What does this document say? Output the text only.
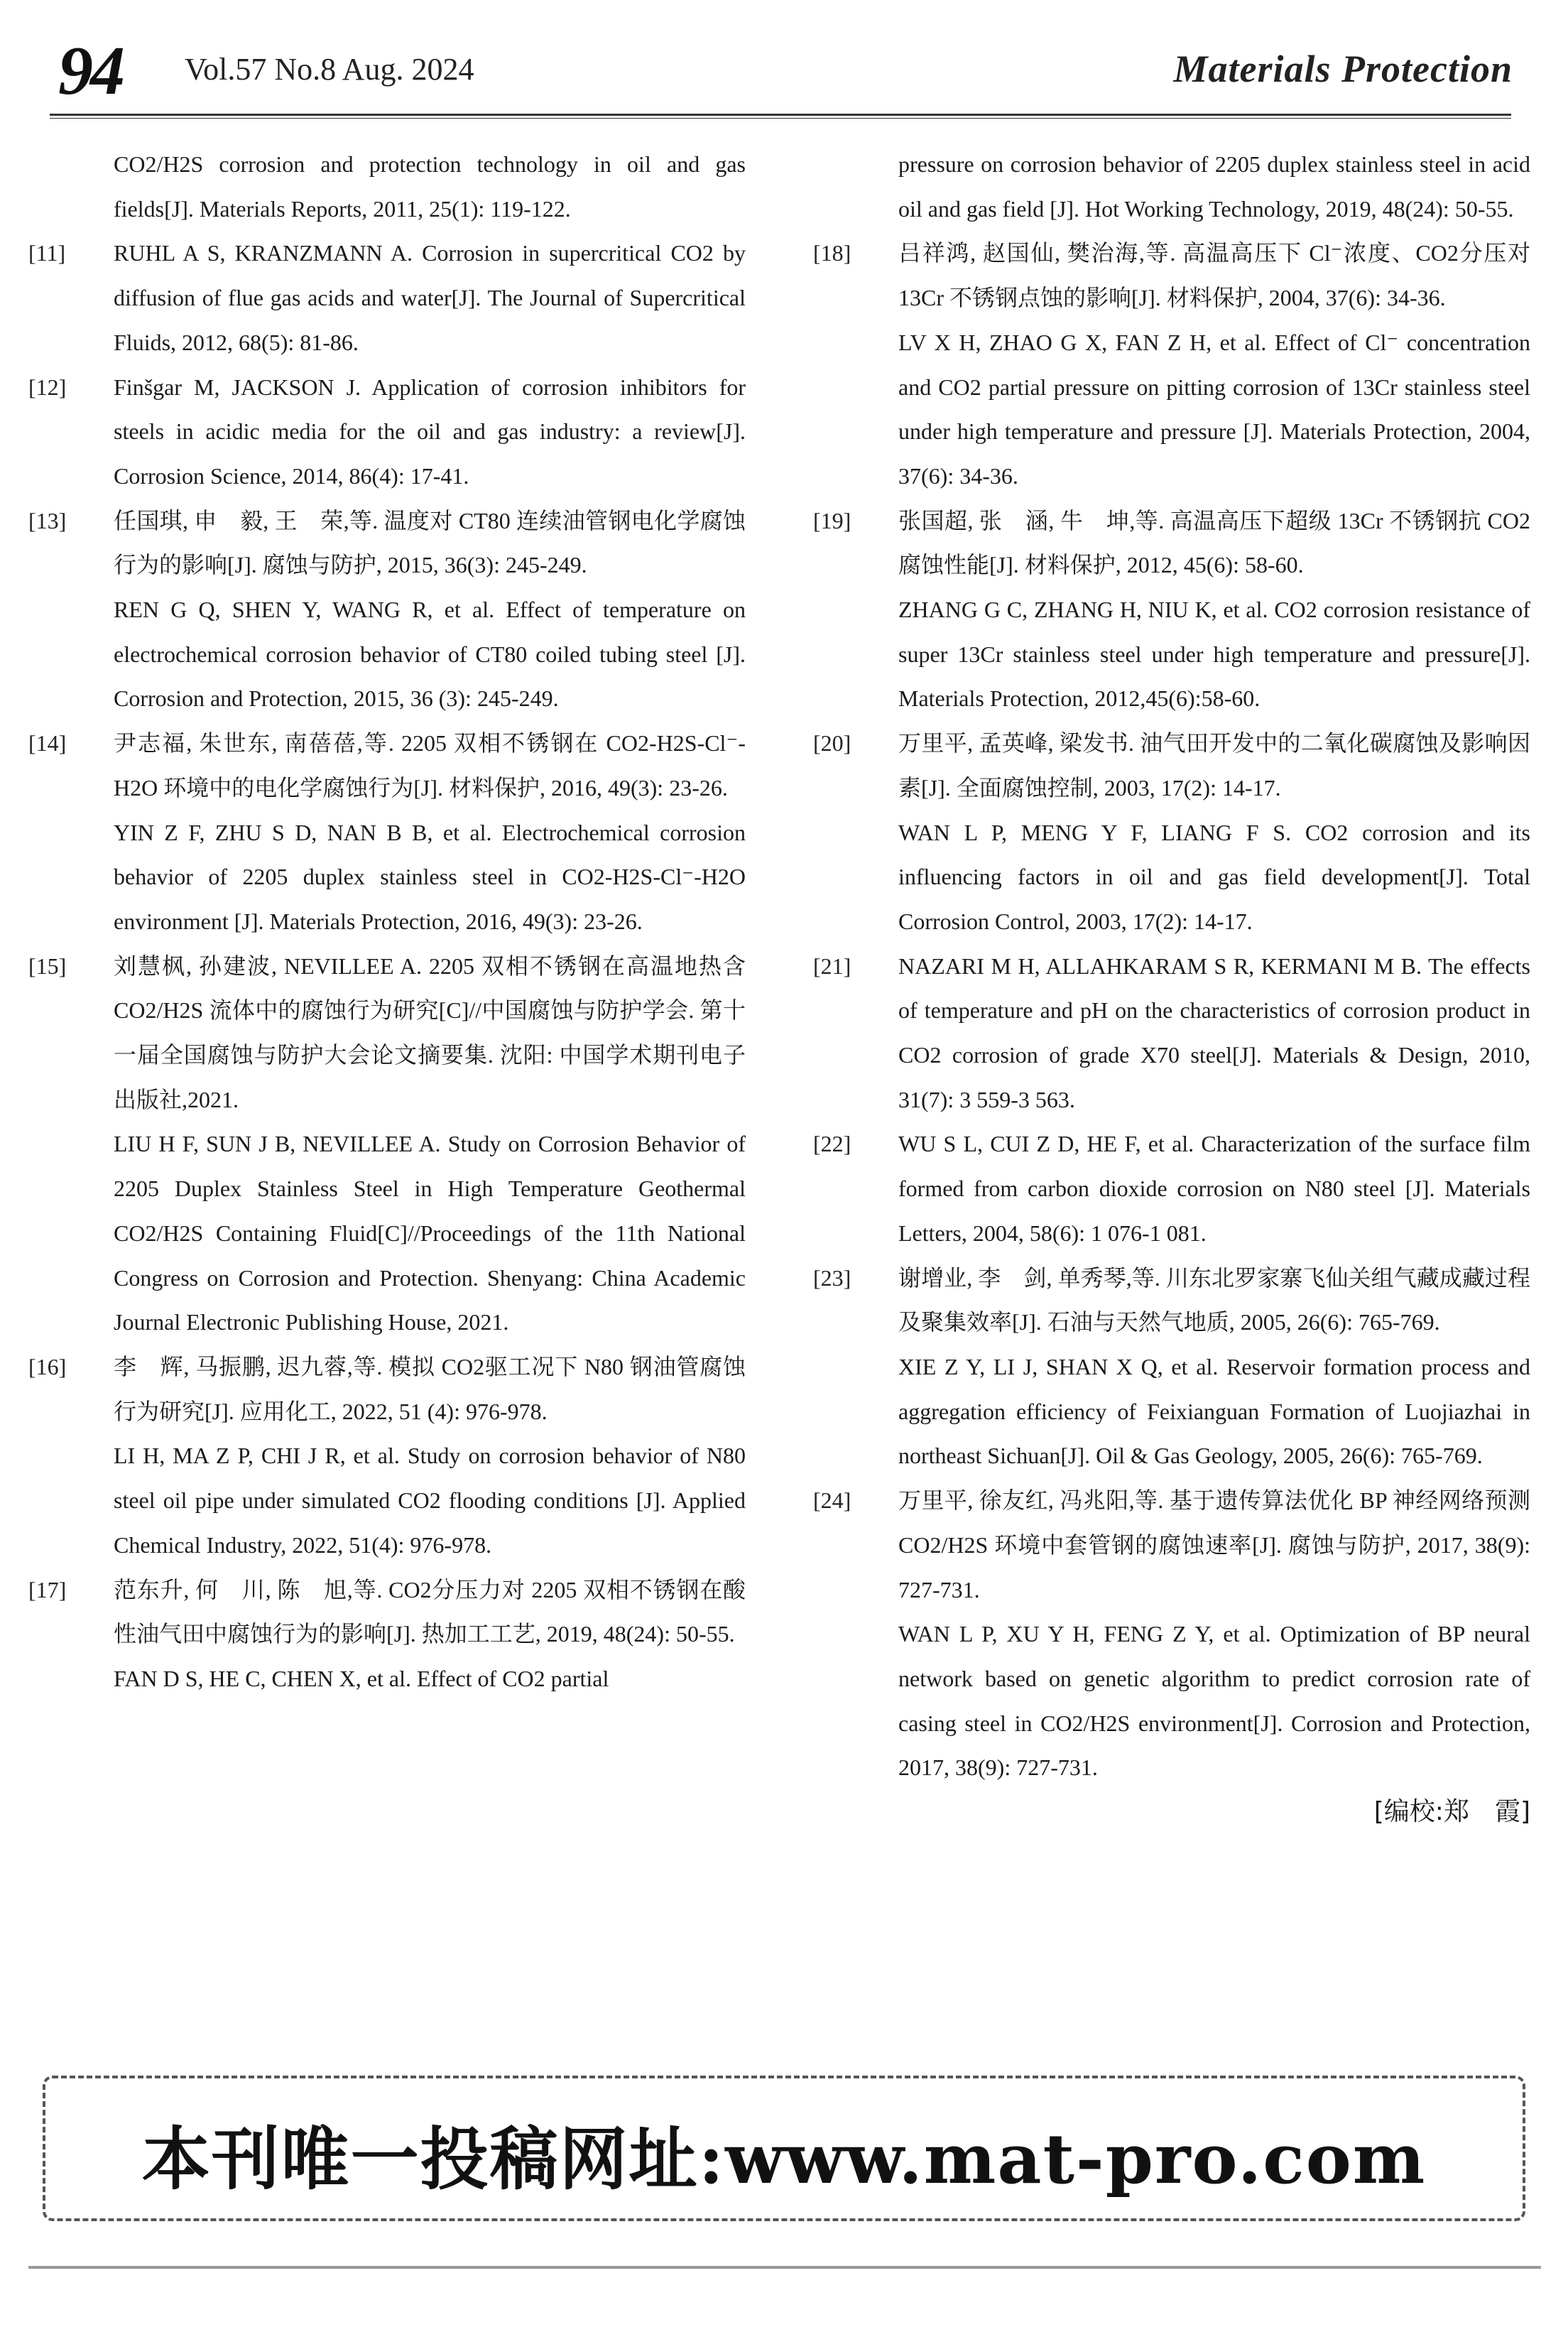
94 Vol.57 No.8 Aug. 2024	Materials Protection

CO2/H2S corrosion and protection technology in oil and gas fields[J]. Materials Reports, 2011, 25(1): 119-122.

[11]	RUHL A S, KRANZMANN A. Corrosion in supercritical CO2 by diffusion of flue gas acids and water[J]. The Journal of Supercritical Fluids, 2012, 68(5): 81-86.

[12]	Finšgar M, JACKSON J. Application of corrosion inhibitors for steels in acidic media for the oil and gas industry: a review[J]. Corrosion Science, 2014, 86(4): 17-41.

[13]	任国琪, 申　毅, 王　荣,等. 温度对 CT80 连续油管钢电化学腐蚀行为的影响[J]. 腐蚀与防护, 2015, 36(3): 245-249.

REN G Q, SHEN Y, WANG R, et al. Effect of temperature on electrochemical corrosion behavior of CT80 coiled tubing steel [J]. Corrosion and Protection, 2015, 36 (3): 245-249.

[14]	尹志福, 朱世东, 南蓓蓓,等. 2205 双相不锈钢在 CO2-H2S-Cl⁻-H2O 环境中的电化学腐蚀行为[J]. 材料保护, 2016, 49(3): 23-26.

YIN Z F, ZHU S D, NAN B B, et al. Electrochemical corrosion behavior of 2205 duplex stainless steel in CO2-H2S-Cl⁻-H2O environment [J]. Materials Protection, 2016, 49(3): 23-26.

[15]	刘慧枫, 孙建波, NEVILLEE A. 2205 双相不锈钢在高温地热含 CO2/H2S 流体中的腐蚀行为研究[C]//中国腐蚀与防护学会. 第十一届全国腐蚀与防护大会论文摘要集. 沈阳: 中国学术期刊电子出版社,2021.

LIU H F, SUN J B, NEVILLEE A. Study on Corrosion Behavior of 2205 Duplex Stainless Steel in High Temperature Geothermal CO2/H2S Containing Fluid[C]//Proceedings of the 11th National Congress on Corrosion and Protection. Shenyang: China Academic Journal Electronic Publishing House, 2021.

[16]	李　辉, 马振鹏, 迟九蓉,等. 模拟 CO2驱工况下 N80 钢油管腐蚀行为研究[J]. 应用化工, 2022, 51 (4): 976-978.

LI H, MA Z P, CHI J R, et al. Study on corrosion behavior of N80 steel oil pipe under simulated CO2 flooding conditions [J]. Applied Chemical Industry, 2022, 51(4): 976-978.

[17]	范东升, 何　川, 陈　旭,等. CO2分压力对 2205 双相不锈钢在酸性油气田中腐蚀行为的影响[J]. 热加工工艺, 2019, 48(24): 50-55.

FAN D S, HE C, CHEN X, et al. Effect of CO2 partial

pressure on corrosion behavior of 2205 duplex stainless steel in acid oil and gas field [J]. Hot Working Technology, 2019, 48(24): 50-55.

[18]	吕祥鸿, 赵国仙, 樊治海,等. 高温高压下 Cl⁻浓度、CO2分压对 13Cr 不锈钢点蚀的影响[J]. 材料保护, 2004, 37(6): 34-36.

LV X H, ZHAO G X, FAN Z H, et al. Effect of Cl⁻ concentration and CO2 partial pressure on pitting corrosion of 13Cr stainless steel under high temperature and pressure [J]. Materials Protection, 2004, 37(6): 34-36.

[19]	张国超, 张　涵, 牛　坤,等. 高温高压下超级 13Cr 不锈钢抗 CO2腐蚀性能[J]. 材料保护, 2012, 45(6): 58-60.

ZHANG G C, ZHANG H, NIU K, et al. CO2 corrosion resistance of super 13Cr stainless steel under high temperature and pressure[J]. Materials Protection, 2012,45(6):58-60.

[20]	万里平, 孟英峰, 梁发书. 油气田开发中的二氧化碳腐蚀及影响因素[J]. 全面腐蚀控制, 2003, 17(2): 14-17.

WAN L P, MENG Y F, LIANG F S. CO2 corrosion and its influencing factors in oil and gas field development[J]. Total Corrosion Control, 2003, 17(2): 14-17.

[21]	NAZARI M H, ALLAHKARAM S R, KERMANI M B. The effects of temperature and pH on the characteristics of corrosion product in CO2 corrosion of grade X70 steel[J]. Materials & Design, 2010, 31(7): 3 559-3 563.

[22]	WU S L, CUI Z D, HE F, et al. Characterization of the surface film formed from carbon dioxide corrosion on N80 steel [J]. Materials Letters, 2004, 58(6): 1 076-1 081.

[23]	谢增业, 李　剑, 单秀琴,等. 川东北罗家寨飞仙关组气藏成藏过程及聚集效率[J]. 石油与天然气地质, 2005, 26(6): 765-769.

XIE Z Y, LI J, SHAN X Q, et al. Reservoir formation process and aggregation efficiency of Feixianguan Formation of Luojiazhai in northeast Sichuan[J]. Oil & Gas Geology, 2005, 26(6): 765-769.

[24]	万里平, 徐友红, 冯兆阳,等. 基于遗传算法优化 BP 神经网络预测 CO2/H2S 环境中套管钢的腐蚀速率[J]. 腐蚀与防护, 2017, 38(9): 727-731.

WAN L P, XU Y H, FENG Z Y, et al. Optimization of BP neural network based on genetic algorithm to predict corrosion rate of casing steel in CO2/H2S environment[J]. Corrosion and Protection, 2017, 38(9): 727-731.

[编校:郑　霞]
本刊唯一投稿网址:www.mat-pro.com
